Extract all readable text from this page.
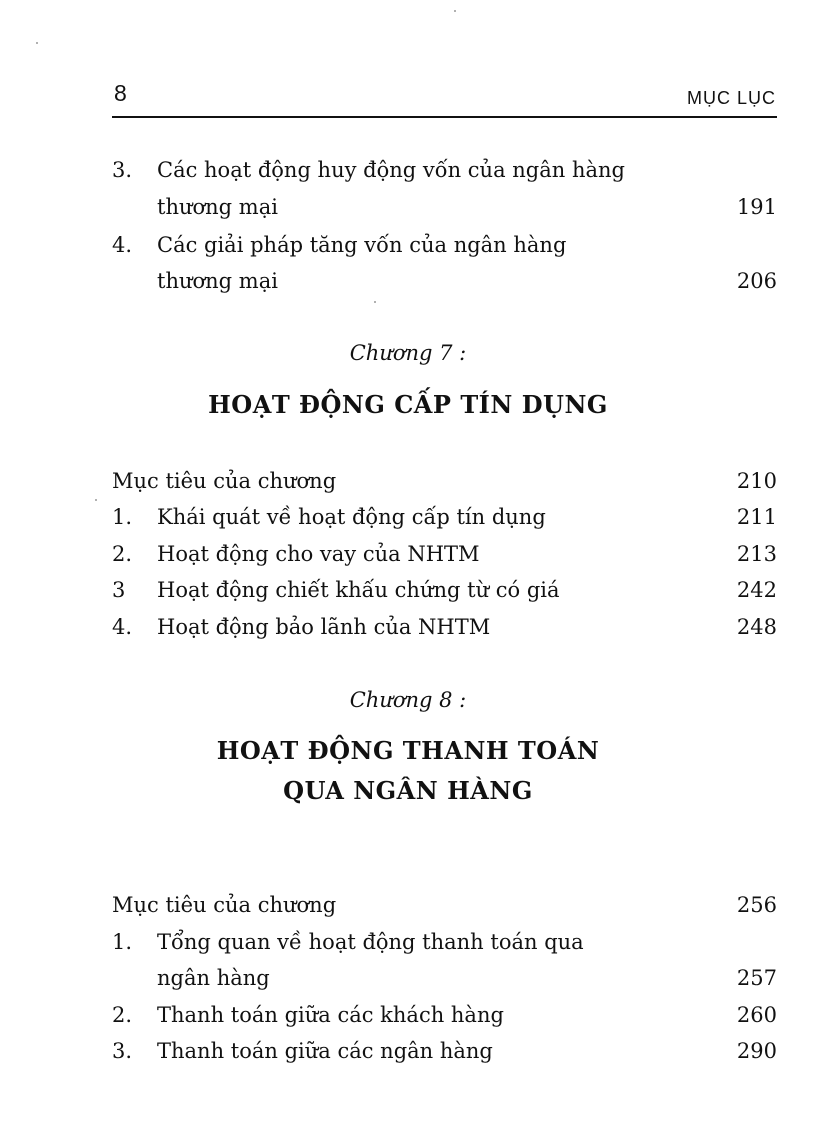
8	MỤC LỤC
3.	Các hoạt động huy động vốn của ngân hàng
thương mại	191
4.	Các giải pháp tăng vốn của ngân hàng
thương mại	206
Chương 7 :
HOẠT ĐỘNG CẤP TÍN DỤNG
Mục tiêu của chương	210
1.	Khái quát về hoạt động cấp tín dụng	211
2.	Hoạt động cho vay của NHTM	213
3	Hoạt động chiết khấu chứng từ có giá	242
4.	Hoạt động bảo lãnh của NHTM	248
Chương 8 :
HOẠT ĐỘNG THANH TOÁN
QUA NGÂN HÀNG
Mục tiêu của chương	256
1.	Tổng quan về hoạt động thanh toán qua
ngân hàng	257
2.	Thanh toán giữa các khách hàng	260
3.	Thanh toán giữa các ngân hàng	290
